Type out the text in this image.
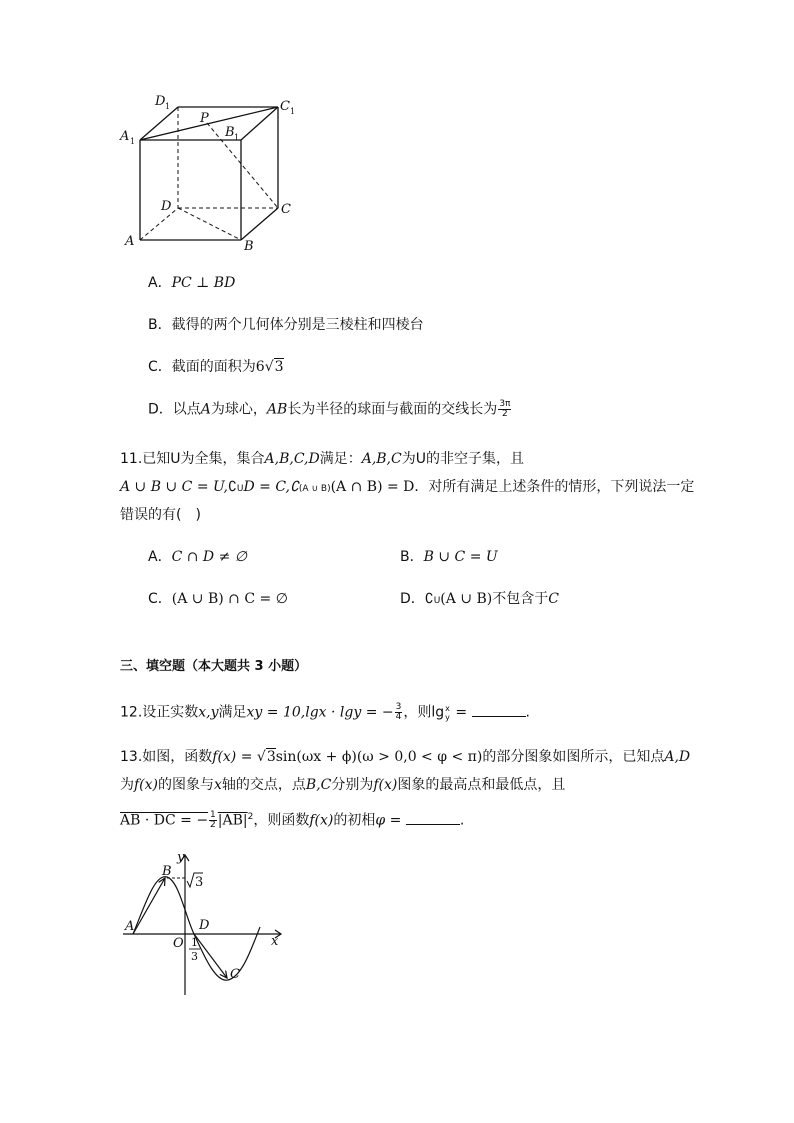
D 1
P
B 1
C 1
A 1
D	C
A	B
A．PC ⊥ BD
B．截得的两个几何体分别是三棱柱和四棱台
C．截面的面积为6√3
D．以点A为球心，AB长为半径的球面与截面的交线长为 $\frac{3\pi}{2}$
11.已知U为全集，集合A,B,C,D满足：A,B,C为U的非空子集，且
A ∪ B ∪ C = U,∁UD = C,∁(A ∪ B)(A ∩ B) = D．对所有满足上述条件的情形，下列说法一定
错误的有(　)
A．C ∩ D ≠ ∅	B．B ∪ C = U
C．(A ∪ B) ∩ C = ∅	D．∁U(A ∪ B)不包含于C
三、填空题（本大题共 3 小题）
12.设正实数x,y满足xy = 10,lgx · lgy = − $\frac{3}{4}$ ，则lg x
y =	.
13.如图，函数f(x) = √3sin(ωx + ϕ)(ω > 0,0 < φ < π)的部分图象如图所示，已知点A,D
为f(x)的图象与x轴的交点，点B,C分别为f(x)图象的最高点和最低点，且
AB · DC = − $\frac{1}{2} |AB|^2$，则函数f(x)的初相φ =	.
y
x
O
A
B
C
D
3
1
3
